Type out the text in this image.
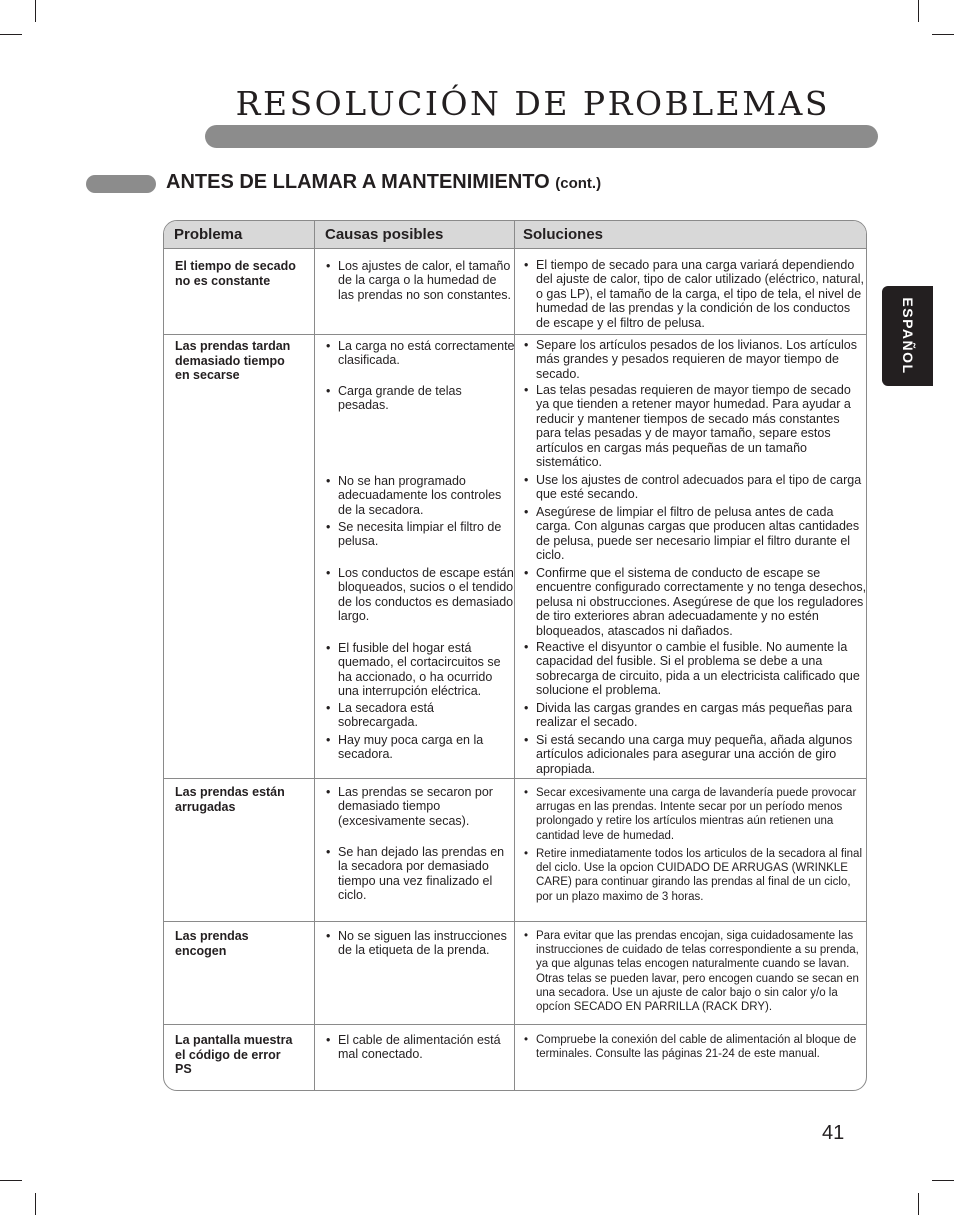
RESOLUCIÓN DE PROBLEMAS
ANTES DE LLAMAR A MANTENIMIENTO (cont.)
ESPAÑOL
Problema	Causas posibles	Soluciones
El tiempo de secado no es constante
• Los ajustes de calor, el tamaño de la carga o la humedad de las prendas no son constantes.
• El tiempo de secado para una carga variará dependiendo del ajuste de calor, tipo de calor utilizado (eléctrico, natural, o gas LP), el tamaño de la carga, el tipo de tela, el nivel de humedad de las prendas y la condición de los conductos de escape y el filtro de pelusa.
Las prendas tardan demasiado tiempo en secarse
• La carga no está correctamente clasificada.
• Carga grande de telas pesadas.
• No se han programado adecuadamente los controles de la secadora.
• Se necesita limpiar el filtro de pelusa.
• Los conductos de escape están bloqueados, sucios o el tendido de los conductos es demasiado largo.
• El fusible del hogar está quemado, el cortacircuitos se ha accionado, o ha ocurrido una interrupción eléctrica.
• La secadora está sobrecargada.
• Hay muy poca carga en la secadora.
• Separe los artículos pesados de los livianos. Los artículos más grandes y pesados requieren de mayor tiempo de secado.
• Las telas pesadas requieren de mayor tiempo de secado ya que tienden a retener mayor humedad. Para ayudar a reducir y mantener tiempos de secado más constantes para telas pesadas y de mayor tamaño, separe estos artículos en cargas más pequeñas de un tamaño sistemático.
• Use los ajustes de control adecuados para el tipo de carga que esté secando.
• Asegúrese de limpiar el filtro de pelusa antes de cada carga. Con algunas cargas que producen altas cantidades de pelusa, puede ser necesario limpiar el filtro durante el ciclo.
• Confirme que el sistema de conducto de escape se encuentre configurado correctamente y no tenga desechos, pelusa ni obstrucciones. Asegúrese de que los reguladores de tiro exteriores abran adecuadamente y no estén bloqueados, atascados ni dañados.
• Reactive el disyuntor o cambie el fusible. No aumente la capacidad del fusible. Si el problema se debe a una sobrecarga de circuito, pida a un electricista calificado que solucione el problema.
• Divida las cargas grandes en cargas más pequeñas para realizar el secado.
• Si está secando una carga muy pequeña, añada algunos artículos adicionales para asegurar una acción de giro apropiada.
Las prendas están arrugadas
• Las prendas se secaron por demasiado tiempo (excesivamente secas).
• Se han dejado las prendas en la secadora por demasiado tiempo una vez finalizado el ciclo.
• Secar excesivamente una carga de lavandería puede provocar arrugas en las prendas. Intente secar por un período menos prolongado y retire los artículos mientras aún retienen una cantidad leve de humedad.
• Retire inmediatamente todos los articulos de la secadora al final del ciclo. Use la opcion CUIDADO DE ARRUGAS (WRINKLE CARE) para continuar girando las prendas al final de un ciclo, por un plazo maximo de 3 horas.
Las prendas encogen
• No se siguen las instrucciones de la etiqueta de la prenda.
• Para evitar que las prendas encojan, siga cuidadosamente las instrucciones de cuidado de telas correspondiente a su prenda, ya que algunas telas encogen naturalmente cuando se lavan. Otras telas se pueden lavar, pero encogen cuando se secan en una secadora. Use un ajuste de calor bajo o sin calor y/o la opcíon SECADO EN PARRILLA (RACK DRY).
La pantalla muestra el código de error PS
• El cable de alimentación está mal conectado.
• Compruebe la conexión del cable de alimentación al bloque de terminales. Consulte las páginas 21-24 de este manual.
41
